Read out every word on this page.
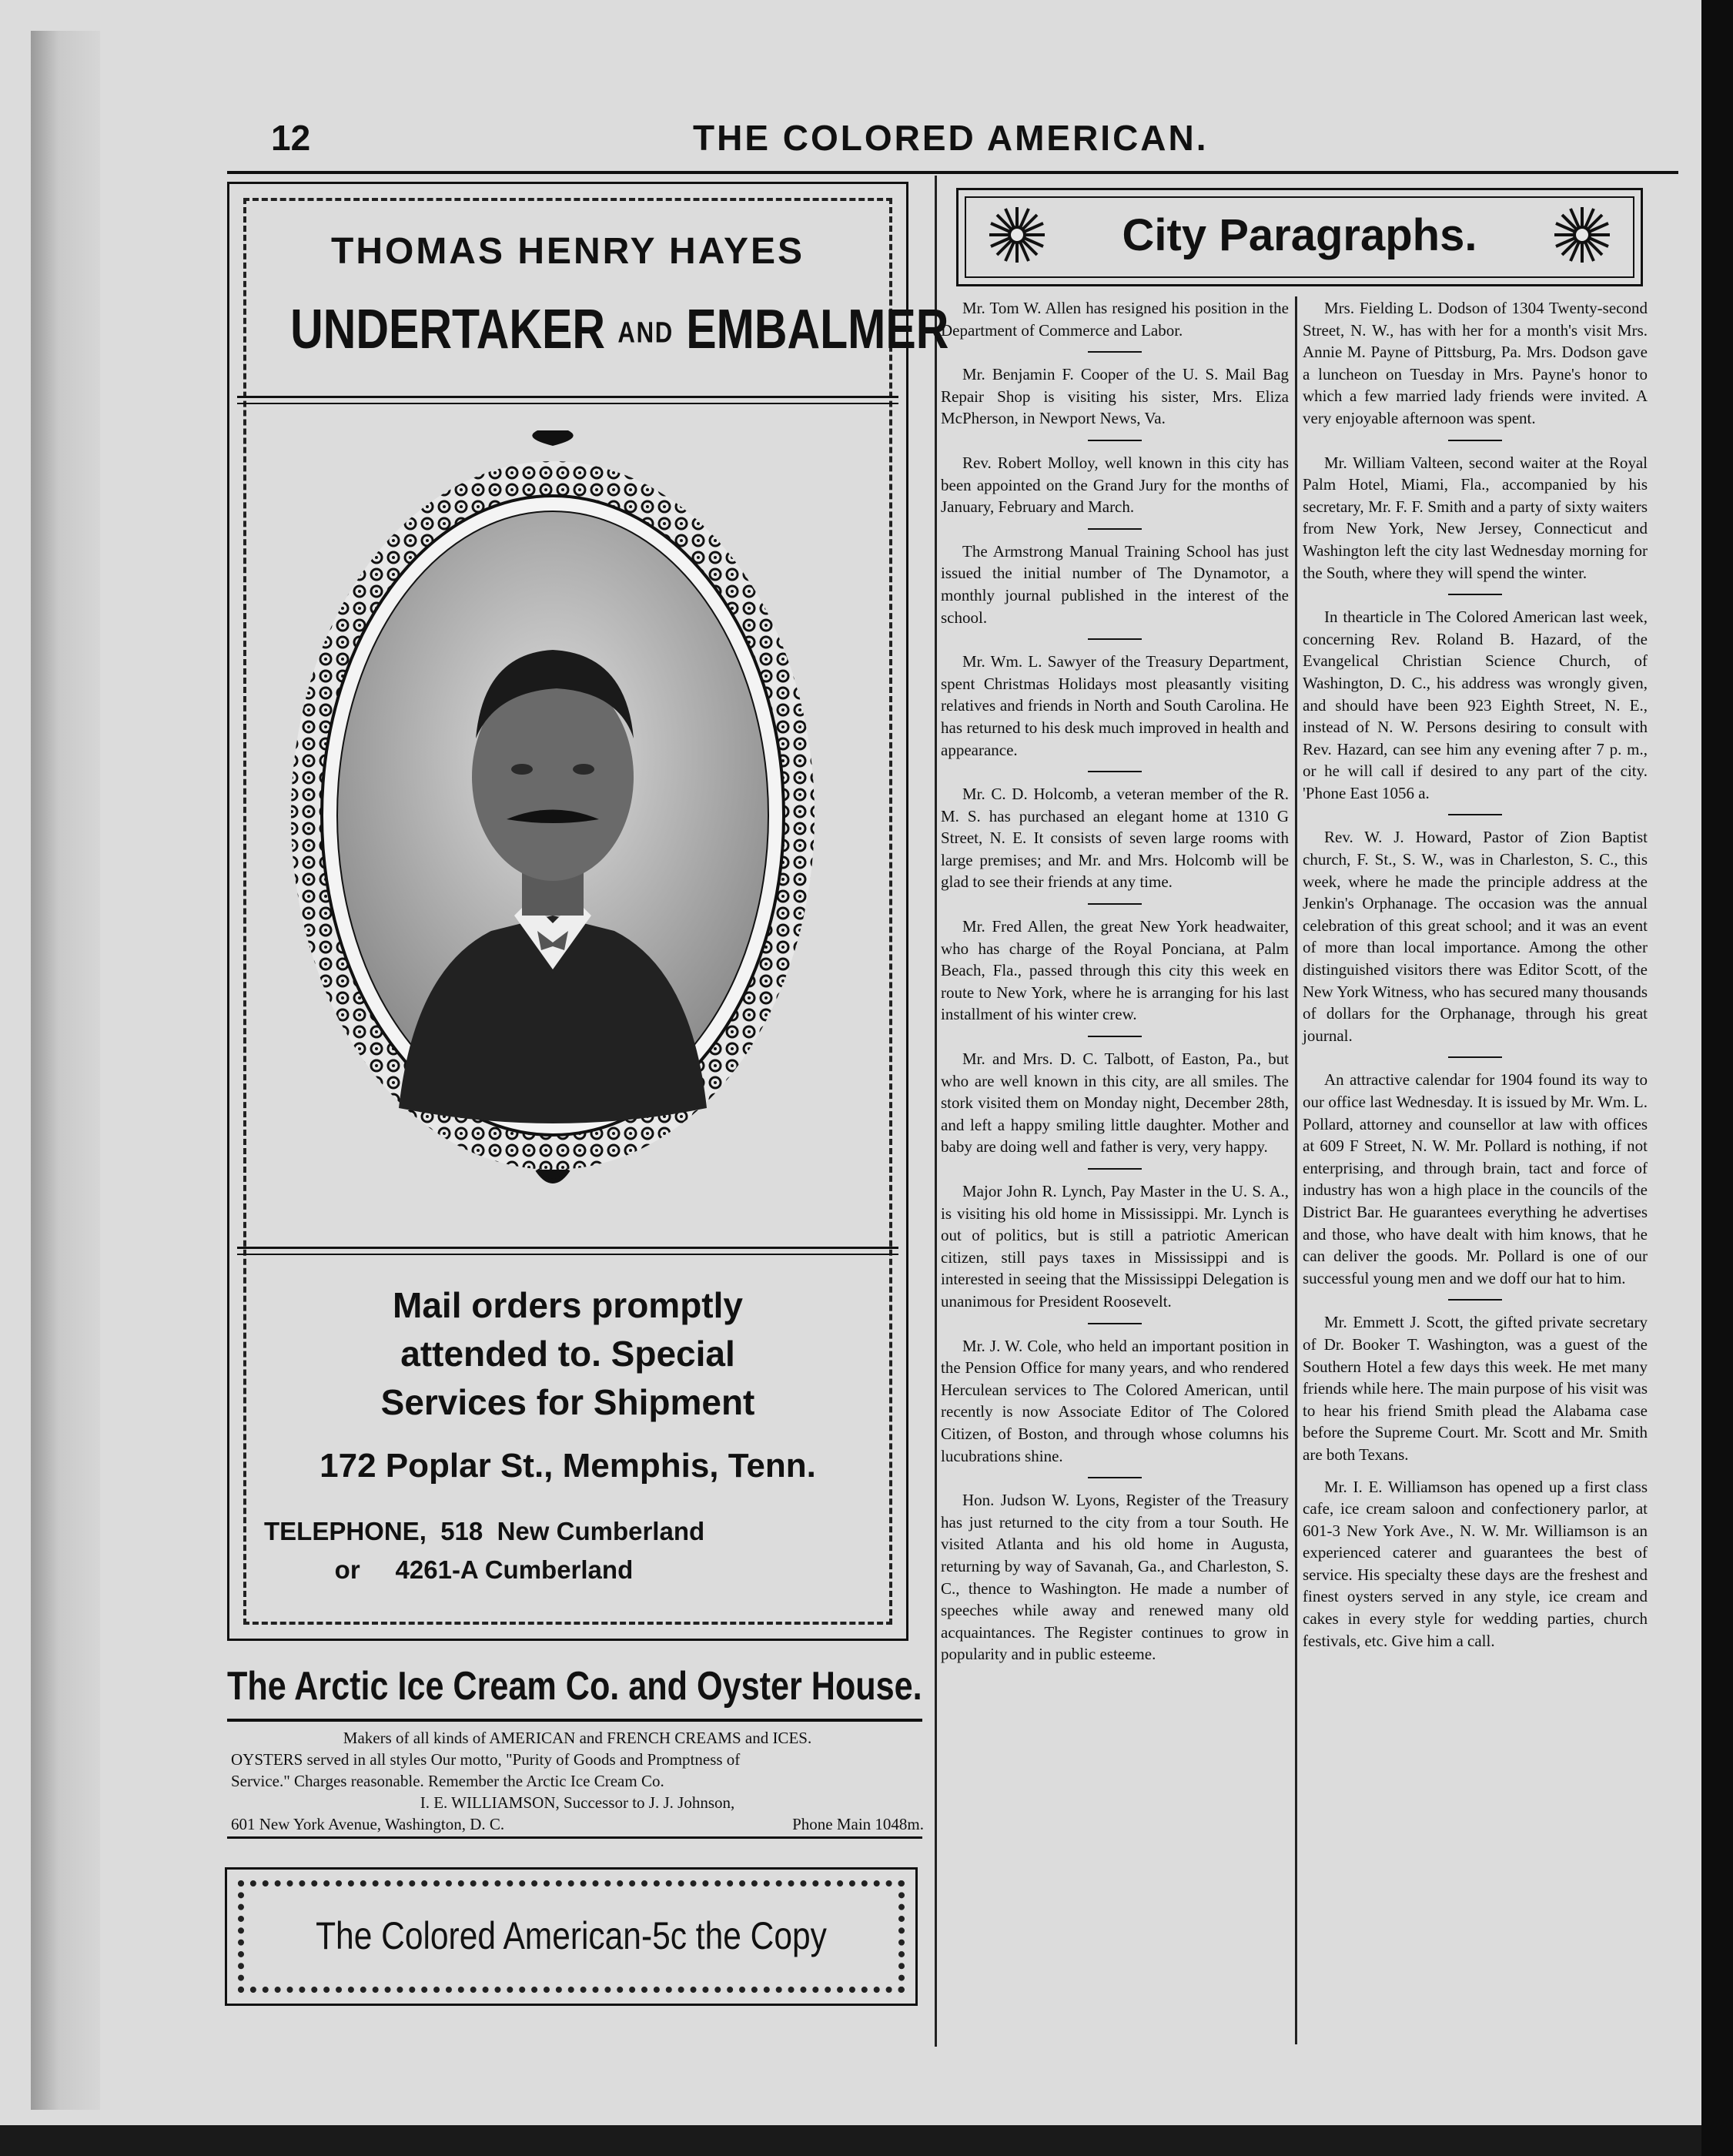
12	THE COLORED AMERICAN.
THOMAS HENRY HAYES
UNDERTAKER AND EMBALMER
Mail orders promptly
attended to. Special
Services for Shipment
172 Poplar St., Memphis, Tenn.
TELEPHONE,  518  New Cumberland
or     4261-A Cumberland
The Arctic Ice Cream Co. and Oyster House.

Makers of all kinds of AMERICAN and FRENCH CREAMS and ICES.

OYSTERS served in all styles Our motto, "Purity of Goods and Promptness of

Service." Charges reasonable. Remember the Arctic Ice Cream Co.

I. E. WILLIAMSON, Successor to J. J. Johnson,

601 New York Avenue, Washington, D. C.	Phone Main 1048m.
The Colored American-5c the Copy
City Paragraphs.

Mr. Tom W. Allen has resigned his position in the Department of Commerce and Labor.

Mr. Benjamin F. Cooper of the U. S. Mail Bag Repair Shop is visiting his sister, Mrs. Eliza McPherson, in Newport News, Va.

Rev. Robert Molloy, well known in this city has been appointed on the Grand Jury for the months of January, February and March.

The Armstrong Manual Training School has just issued the initial number of The Dynamotor, a monthly journal published in the interest of the school.

Mr. Wm. L. Sawyer of the Treasury Department, spent Christmas Holidays most pleasantly visiting relatives and friends in North and South Carolina. He has returned to his desk much improved in health and appearance.

Mr. C. D. Holcomb, a veteran member of the R. M. S. has purchased an elegant home at 1310 G Street, N. E. It consists of seven large rooms with large premises; and Mr. and Mrs. Holcomb will be glad to see their friends at any time.

Mr. Fred Allen, the great New York headwaiter, who has charge of the Royal Ponciana, at Palm Beach, Fla., passed through this city this week en route to New York, where he is arranging for his last installment of his winter crew.

Mr. and Mrs. D. C. Talbott, of Easton, Pa., but who are well known in this city, are all smiles. The stork visited them on Monday night, December 28th, and left a happy smiling little daughter. Mother and baby are doing well and father is very, very happy.

Major John R. Lynch, Pay Master in the U. S. A., is visiting his old home in Mississippi. Mr. Lynch is out of politics, but is still a patriotic American citizen, still pays taxes in Mississippi and is interested in seeing that the Mississippi Delegation is unanimous for President Roosevelt.

Mr. J. W. Cole, who held an important position in the Pension Office for many years, and who rendered Herculean services to The Colored American, until recently is now Associate Editor of The Colored Citizen, of Boston, and through whose columns his lucubrations shine.

Hon. Judson W. Lyons, Register of the Treasury has just returned to the city from a tour South. He visited Atlanta and his old home in Augusta, returning by way of Savanah, Ga., and Charleston, S. C., thence to Washington. He made a number of speeches while away and renewed many old acquaintances. The Register continues to grow in popularity and in public esteeme.

Mrs. Fielding L. Dodson of 1304 Twenty-second Street, N. W., has with her for a month's visit Mrs. Annie M. Payne of Pittsburg, Pa. Mrs. Dodson gave a luncheon on Tuesday in Mrs. Payne's honor to which a few married lady friends were invited. A very enjoyable afternoon was spent.

Mr. William Valteen, second waiter at the Royal Palm Hotel, Miami, Fla., accompanied by his secretary, Mr. F. F. Smith and a party of sixty waiters from New York, New Jersey, Connecticut and Washington left the city last Wednesday morning for the South, where they will spend the winter.

In thearticle in The Colored American last week, concerning Rev. Roland B. Hazard, of the Evangelical Christian Science Church, of Washington, D. C., his address was wrongly given, and should have been 923 Eighth Street, N. E., instead of N. W. Persons desiring to consult with Rev. Hazard, can see him any evening after 7 p. m., or he will call if desired to any part of the city. 'Phone East 1056 a.

Rev. W. J. Howard, Pastor of Zion Baptist church, F. St., S. W., was in Charleston, S. C., this week, where he made the principle address at the Jenkin's Orphanage. The occasion was the annual celebration of this great school; and it was an event of more than local importance. Among the other distinguished visitors there was Editor Scott, of the New York Witness, who has secured many thousands of dollars for the Orphanage, through his great journal.

An attractive calendar for 1904 found its way to our office last Wednesday. It is issued by Mr. Wm. L. Pollard, attorney and counsellor at law with offices at 609 F Street, N. W. Mr. Pollard is nothing, if not enterprising, and through brain, tact and force of industry has won a high place in the councils of the District Bar. He guarantees everything he advertises and those, who have dealt with him knows, that he can deliver the goods. Mr. Pollard is one of our successful young men and we doff our hat to him.

Mr. Emmett J. Scott, the gifted private secretary of Dr. Booker T. Washington, was a guest of the Southern Hotel a few days this week. He met many friends while here. The main purpose of his visit was to hear his friend Smith plead the Alabama case before the Supreme Court. Mr. Scott and Mr. Smith are both Texans.

Mr. I. E. Williamson has opened up a first class cafe, ice cream saloon and confectionery parlor, at 601-3 New York Ave., N. W. Mr. Williamson is an experienced caterer and guarantees the best of service. His specialty these days are the freshest and finest oysters served in any style, ice cream and cakes in every style for wedding parties, church festivals, etc. Give him a call.
